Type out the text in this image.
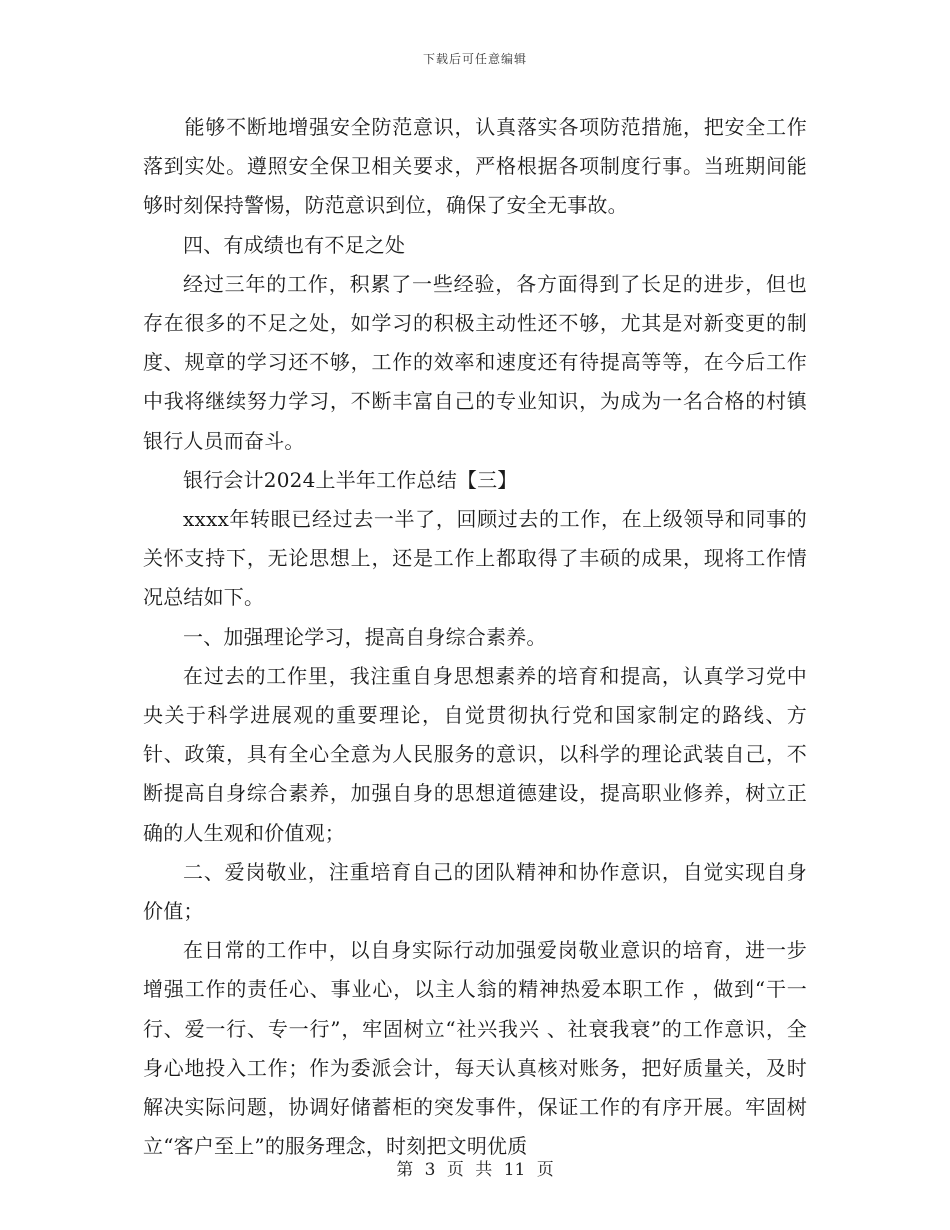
下载后可任意编辑

　　能够不断地增强安全防范意识，认真落实各项防范措施，把安全工作落到实处。遵照安全保卫相关要求，严格根据各项制度行事。当班期间能够时刻保持警惕，防范意识到位，确保了安全无事故。

四、有成绩也有不足之处

经过三年的工作，积累了一些经验，各方面得到了长足的进步，但也存在很多的不足之处，如学习的积极主动性还不够，尤其是对新变更的制度、规章的学习还不够，工作的效率和速度还有待提高等等，在今后工作中我将继续努力学习，不断丰富自己的专业知识，为成为一名合格的村镇银行人员而奋斗。

银行会计2024上半年工作总结【三】

xxxx年转眼已经过去一半了，回顾过去的工作，在上级领导和同事的关怀支持下，无论思想上，还是工作上都取得了丰硕的成果，现将工作情况总结如下。

一、加强理论学习，提高自身综合素养。

在过去的工作里，我注重自身思想素养的培育和提高，认真学习党中央关于科学进展观的重要理论，自觉贯彻执行党和国家制定的路线、方针、政策，具有全心全意为人民服务的意识，以科学的理论武装自己，不断提高自身综合素养，加强自身的思想道德建设，提高职业修养，树立正确的人生观和价值观；

二、爱岗敬业，注重培育自己的团队精神和协作意识，自觉实现自身价值；

在日常的工作中，以自身实际行动加强爱岗敬业意识的培育，进一步增强工作的责任心、事业心，以主人翁的精神热爱本职工作 ，做到“干一行、爱一行、专一行”，牢固树立“社兴我兴 、社衰我衰”的工作意识，全身心地投入工作；作为委派会计，每天认真核对账务，把好质量关，及时解决实际问题，协调好储蓄柜的突发事件，保证工作的有序开展。牢固树立“客户至上”的服务理念，时刻把文明优质

第 3 页 共 11 页
